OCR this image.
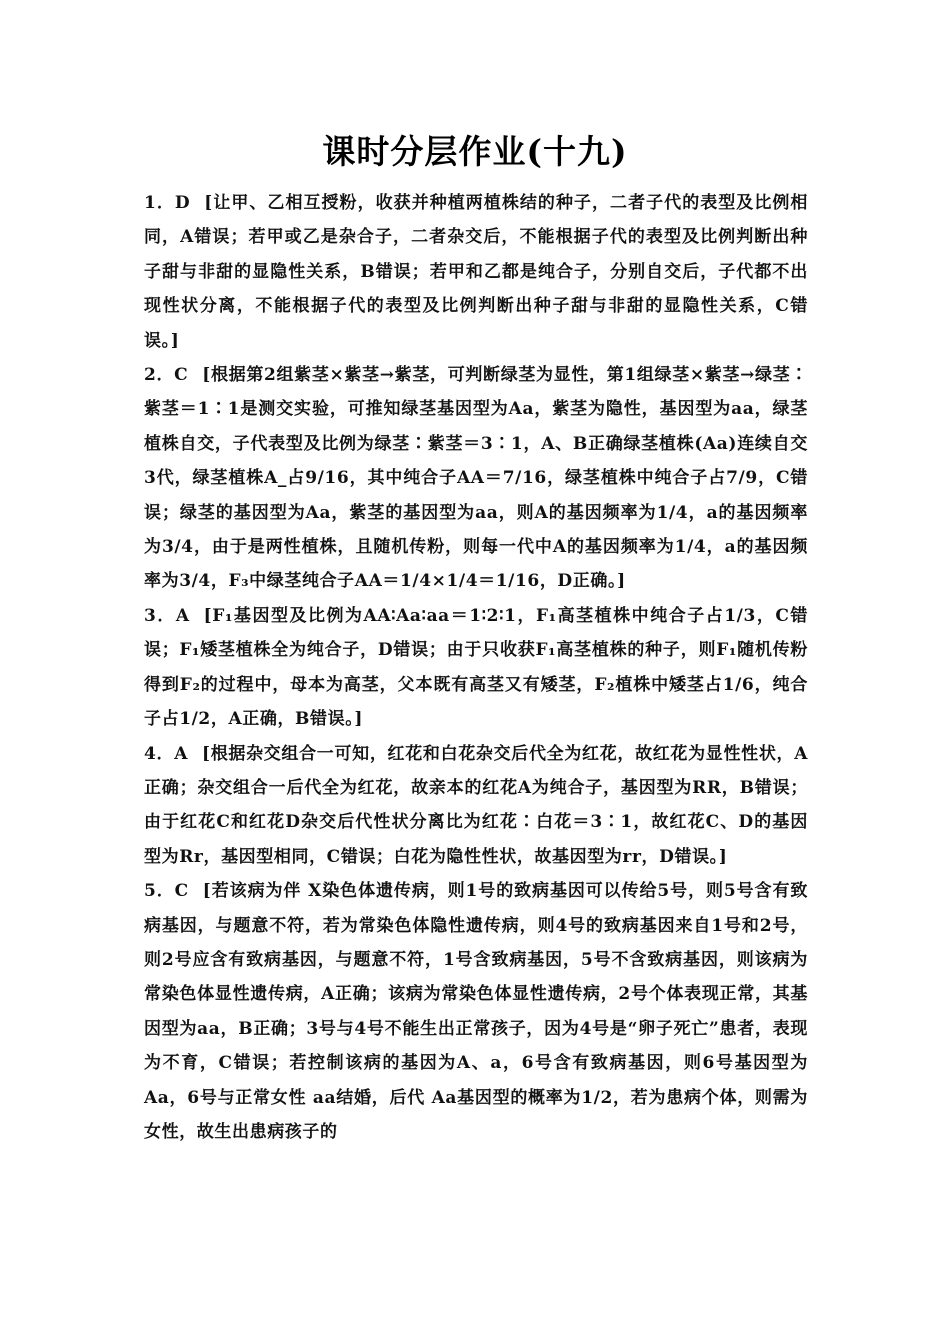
课时分层作业(十九)

1．D [让甲、乙相互授粉，收获并种植两植株结的种子，二者子代的表型及比例相同，A错误；若甲或乙是杂合子，二者杂交后，不能根据子代的表型及比例判断出种子甜与非甜的显隐性关系，B错误；若甲和乙都是纯合子，分别自交后，子代都不出现性状分离，不能根据子代的表型及比例判断出种子甜与非甜的显隐性关系，C错误。]

2．C [根据第2组紫茎×紫茎→紫茎，可判断绿茎为显性，第1组绿茎×紫茎→绿茎∶紫茎＝1∶1是测交实验，可推知绿茎基因型为Aa，紫茎为隐性，基因型为aa，绿茎植株自交，子代表型及比例为绿茎∶紫茎＝3∶1，A、B正确绿茎植株(Aa)连续自交3代，绿茎植株A_占9/16，其中纯合子AA＝7/16，绿茎植株中纯合子占7/9，C错误；绿茎的基因型为Aa，紫茎的基因型为aa，则A的基因频率为1/4，a的基因频率为3/4，由于是两性植株，且随机传粉，则每一代中A的基因频率为1/4，a的基因频率为3/4，F₃中绿茎纯合子AA＝1/4×1/4＝1/16，D正确。]

3．A [F₁基因型及比例为AA∶Aa∶aa＝1∶2∶1，F₁高茎植株中纯合子占1/3，C错误；F₁矮茎植株全为纯合子，D错误；由于只收获F₁高茎植株的种子，则F₁随机传粉得到F₂的过程中，母本为高茎，父本既有高茎又有矮茎，F₂植株中矮茎占1/6，纯合子占1/2，A正确，B错误。]

4．A [根据杂交组合一可知，红花和白花杂交后代全为红花，故红花为显性性状，A正确；杂交组合一后代全为红花，故亲本的红花A为纯合子，基因型为RR，B错误；由于红花C和红花D杂交后代性状分离比为红花∶白花＝3∶1，故红花C、D的基因型为Rr，基因型相同，C错误；白花为隐性性状，故基因型为rr，D错误。]

5．C [若该病为伴 X染色体遗传病，则1号的致病基因可以传给5号，则5号含有致病基因，与题意不符，若为常染色体隐性遗传病，则4号的致病基因来自1号和2号，则2号应含有致病基因，与题意不符，1号含致病基因，5号不含致病基因，则该病为常染色体显性遗传病，A正确；该病为常染色体显性遗传病，2号个体表现正常，其基因型为aa，B正确；3号与4号不能生出正常孩子，因为4号是“卵子死亡”患者，表现为不育，C错误；若控制该病的基因为A、a，6号含有致病基因，则6号基因型为 Aa，6号与正常女性 aa结婚，后代 Aa基因型的概率为1/2，若为患病个体，则需为女性，故生出患病孩子的
